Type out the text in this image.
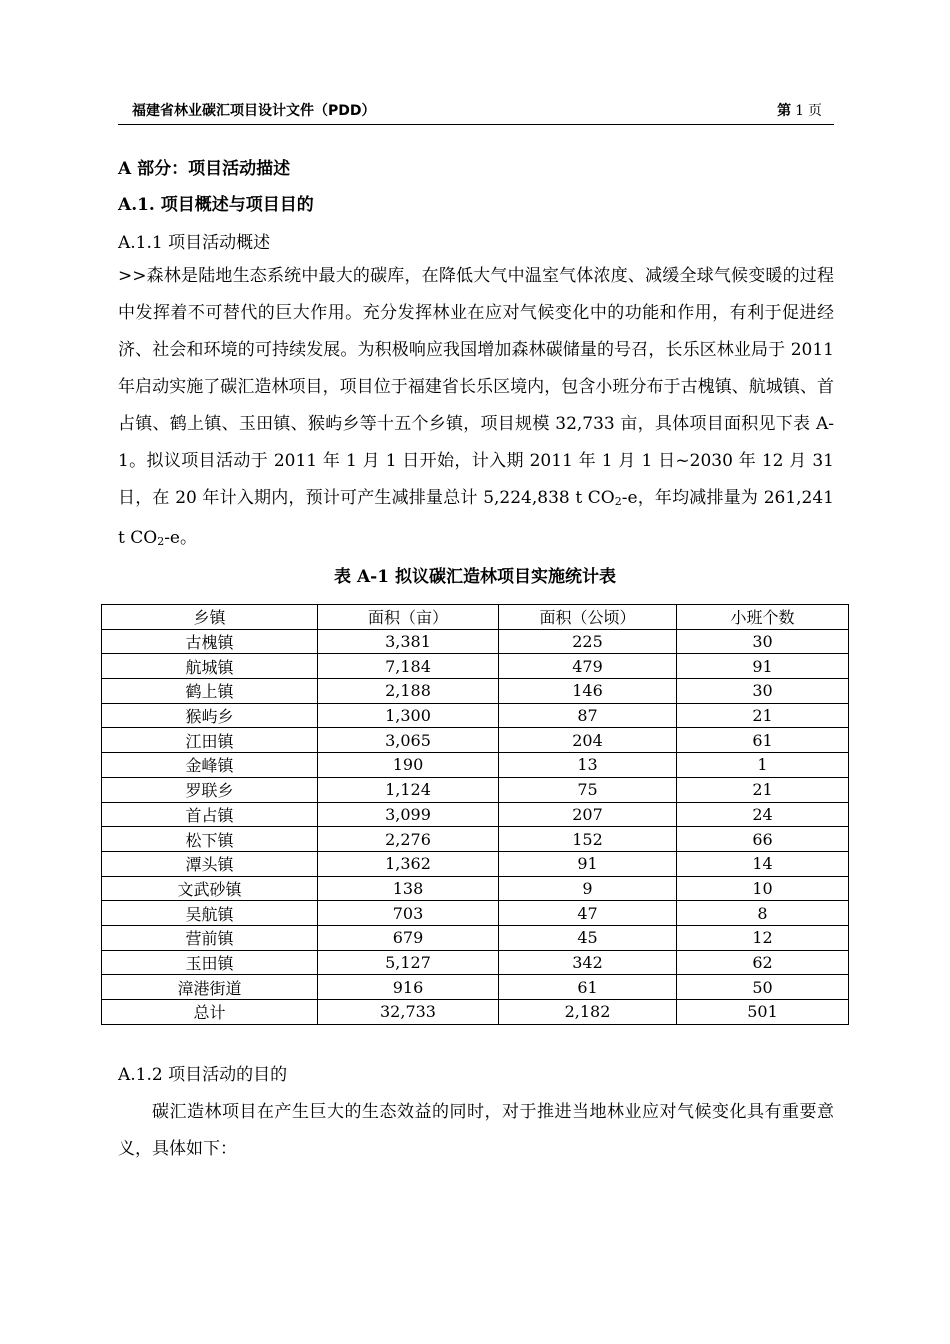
福建省林业碳汇项目设计文件（PDD）	第 1 页
A 部分：项目活动描述
A.1. 项目概述与项目目的
A.1.1 项目活动概述

>>森林是陆地生态系统中最大的碳库，在降低大气中温室气体浓度、减缓全球气候变暖的过程中发挥着不可替代的巨大作用。充分发挥林业在应对气候变化中的功能和作用，有利于促进经济、社会和环境的可持续发展。为积极响应我国增加森林碳储量的号召，长乐区林业局于 2011 年启动实施了碳汇造林项目，项目位于福建省长乐区境内，包含小班分布于古槐镇、航城镇、首占镇、鹤上镇、玉田镇、猴屿乡等十五个乡镇，项目规模 32,733 亩，具体项目面积见下表 A-1。拟议项目活动于 2011 年 1 月 1 日开始，计入期 2011 年 1 月 1 日~2030 年 12 月 31 日，在 20 年计入期内，预计可产生减排量总计 5,224,838 t $CO_2-e$，年均减排量为 261,241 t $CO_2-e$。

表 A-1 拟议碳汇造林项目实施统计表
乡镇	面积（亩）	面积（公顷）	小班个数
古槐镇	3,381	225	30
航城镇	7,184	479	91
鹤上镇	2,188	146	30
猴屿乡	1,300	87	21
江田镇	3,065	204	61
金峰镇	190	13	1
罗联乡	1,124	75	21
首占镇	3,099	207	24
松下镇	2,276	152	66
潭头镇	1,362	91	14
文武砂镇	138	9	10
吴航镇	703	47	8
营前镇	679	45	12
玉田镇	5,127	342	62
漳港街道	916	61	50
总计	32,733	2,182	501
A.1.2 项目活动的目的

碳汇造林项目在产生巨大的生态效益的同时，对于推进当地林业应对气候变化具有重要意义，具体如下：
